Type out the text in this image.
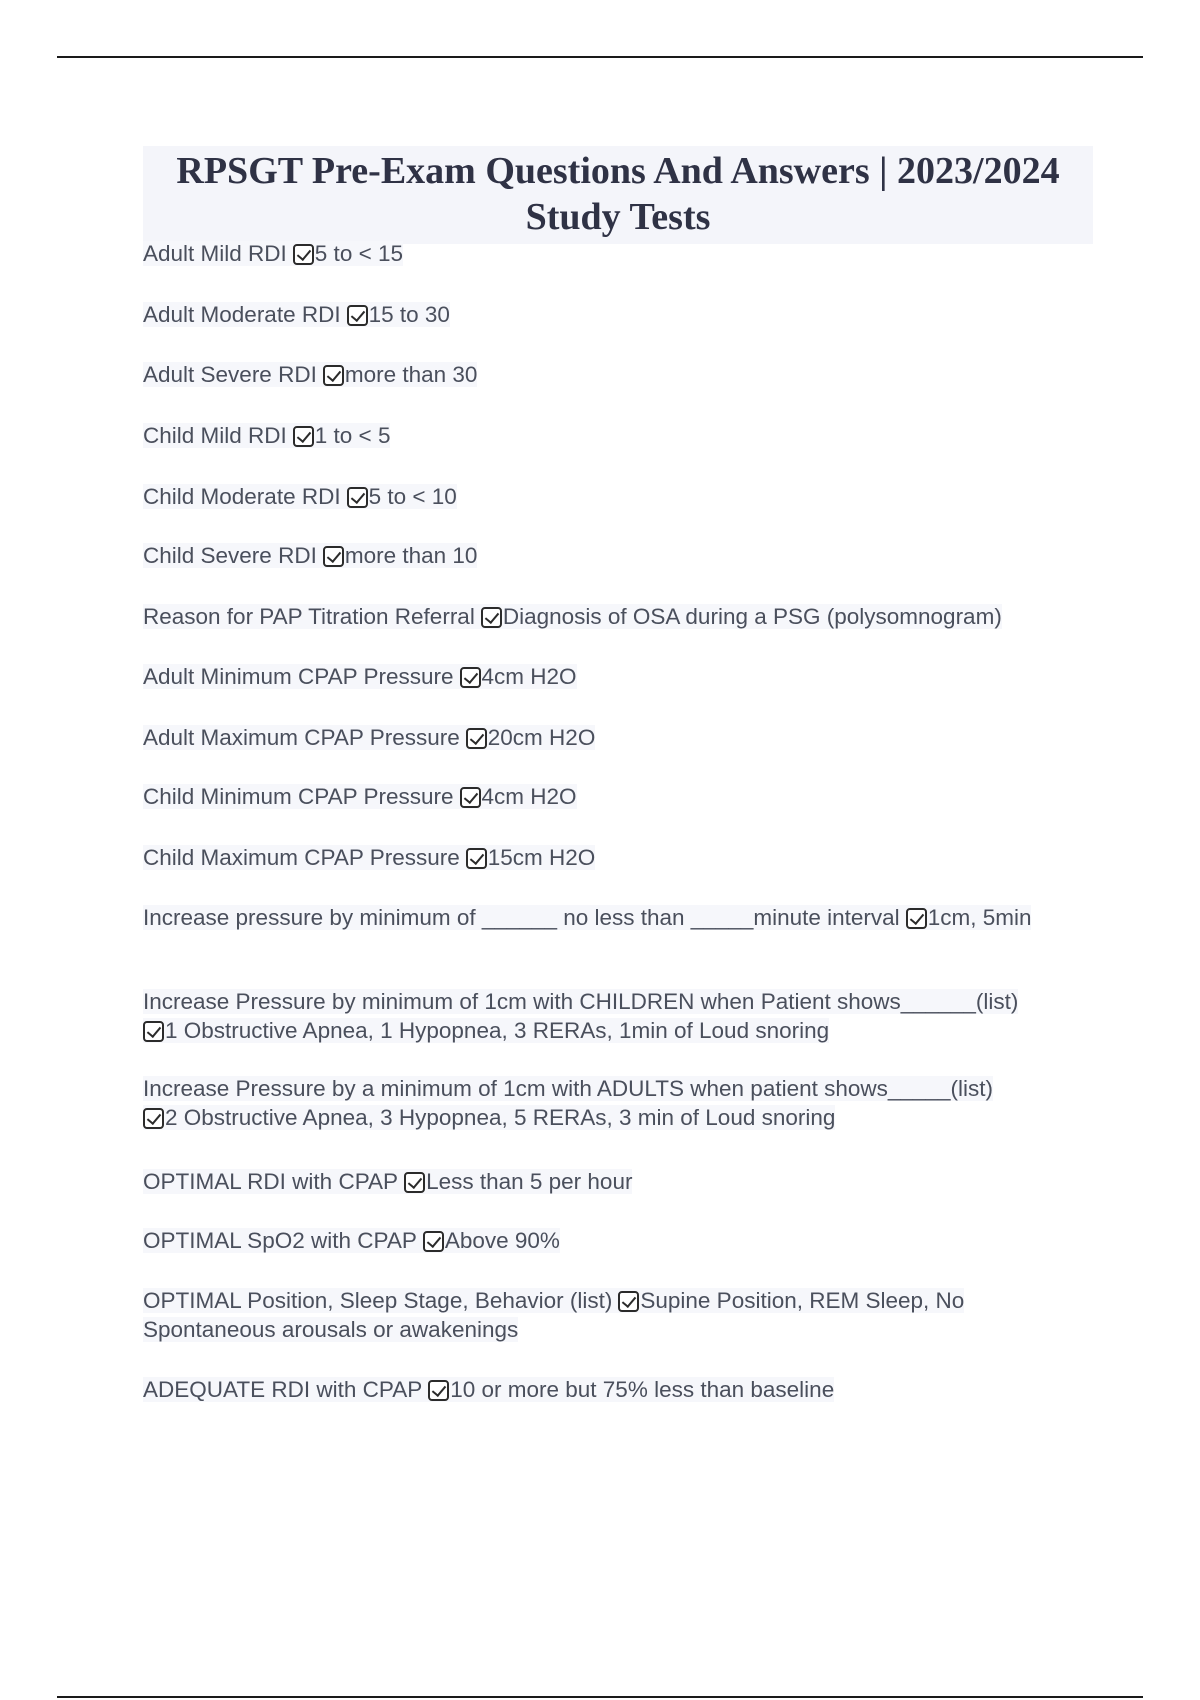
RPSGT Pre-Exam Questions And Answers | 2023/2024 Study Tests
Adult Mild RDI 5 to < 15
Adult Moderate RDI 15 to 30
Adult Severe RDI more than 30
Child Mild RDI 1 to < 5
Child Moderate RDI 5 to < 10
Child Severe RDI more than 10
Reason for PAP Titration Referral Diagnosis of OSA during a PSG (polysomnogram)
Adult Minimum CPAP Pressure 4cm H2O
Adult Maximum CPAP Pressure 20cm H2O
Child Minimum CPAP Pressure 4cm H2O
Child Maximum CPAP Pressure 15cm H2O
Increase pressure by minimum of ______ no less than _____minute interval 1cm, 5min
Increase Pressure by minimum of 1cm with CHILDREN when Patient shows______(list)
1 Obstructive Apnea, 1 Hypopnea, 3 RERAs, 1min of Loud snoring
Increase Pressure by a minimum of 1cm with ADULTS when patient shows_____(list)
2 Obstructive Apnea, 3 Hypopnea, 5 RERAs, 3 min of Loud snoring
OPTIMAL RDI with CPAP Less than 5 per hour
OPTIMAL SpO2 with CPAP Above 90%
OPTIMAL Position, Sleep Stage, Behavior (list) Supine Position, REM Sleep, No Spontaneous arousals or awakenings
ADEQUATE RDI with CPAP 10 or more but 75% less than baseline
